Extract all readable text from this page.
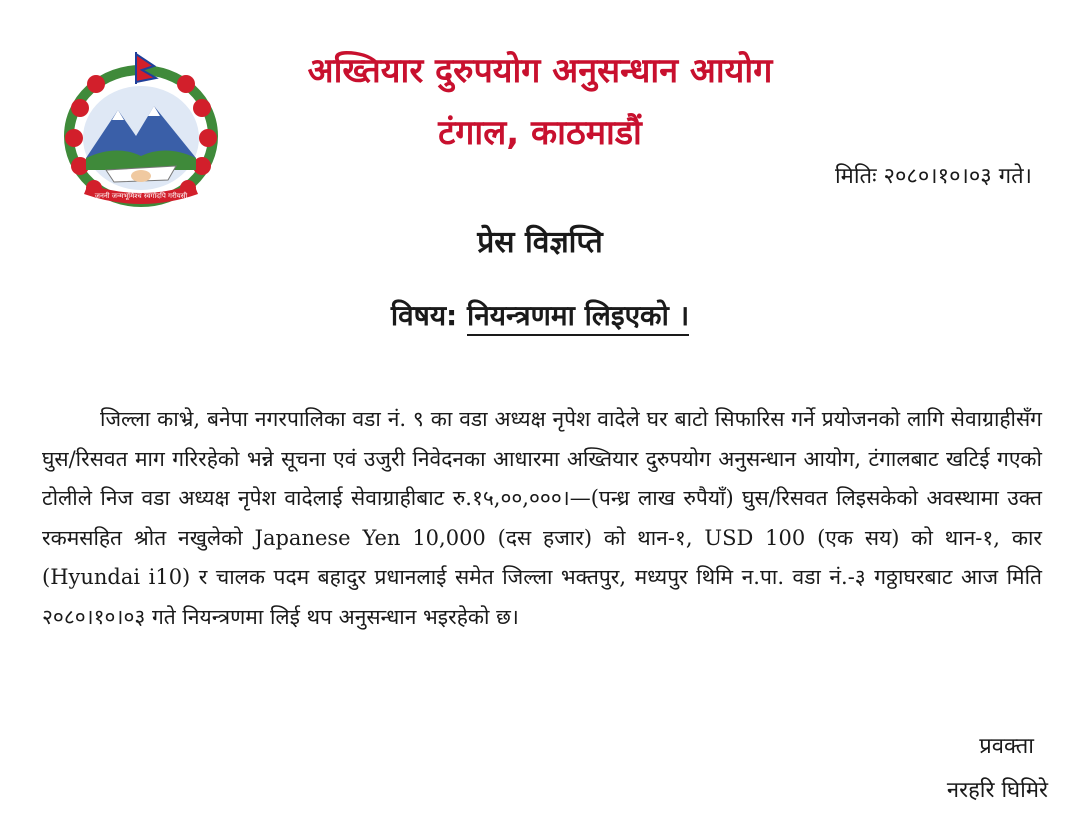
जननी जन्मभूमिश्च स्वर्गादपि गरीयसी
अख्तियार दुरुपयोग अनुसन्धान आयोग
टंगाल, काठमाडौं
मितिः २०८०।१०।०३ गते।
प्रेस विज्ञप्ति
विषय: नियन्त्रणमा लिइएको ।
जिल्ला काभ्रे, बनेपा नगरपालिका वडा नं. ९ का वडा अध्यक्ष नृपेश वादेले घर बाटो सिफारिस गर्ने प्रयोजनको लागि सेवाग्राहीसँग घुस/रिसवत माग गरिरहेको भन्ने सूचना एवं उजुरी निवेदनका आधारमा अख्तियार दुरुपयोग अनुसन्धान आयोग, टंगालबाट खटिई गएको टोलीले निज वडा अध्यक्ष नृपेश वादेलाई सेवाग्राहीबाट रु.१५,००,०००।—(पन्ध्र लाख रुपैयाँ) घुस/रिसवत लिइसकेको अवस्थामा उक्त रकमसहित श्रोत नखुलेको Japanese Yen 10,000 (दस हजार) को थान-१, USD 100 (एक सय) को थान-१, कार (Hyundai i10) र चालक पदम बहादुर प्रधानलाई समेत जिल्ला भक्तपुर, मध्यपुर थिमि न.पा. वडा नं.-३ गठ्ठाघरबाट आज मिति २०८०।१०।०३ गते नियन्त्रणमा लिई थप अनुसन्धान भइरहेको छ।
प्रवक्ता
नरहरि घिमिरे
